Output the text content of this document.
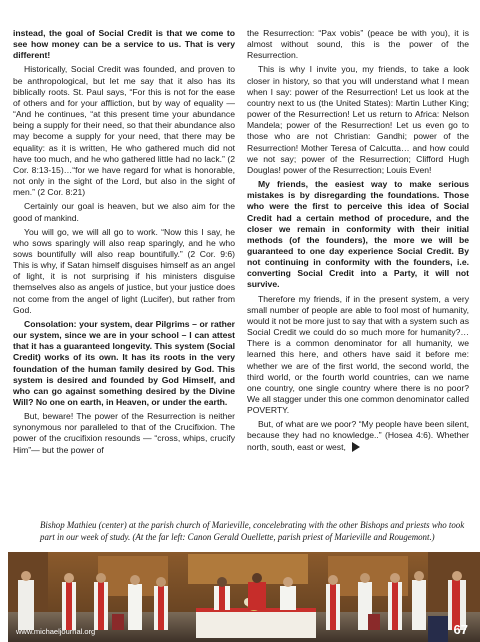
instead, the goal of Social Credit is that we come to see how money can be a service to us. That is very different!

Historically, Social Credit was founded, and proven to be anthropological, but let me say that it also has its biblically roots. St. Paul says, “For this is not for the ease of others and for your affliction, but by way of equality — “And he continues, “at this present time your abundance being a supply for their need, so that their abundance also may become a supply for your need, that there may be equality: as it is written, He who gathered much did not have too much, and he who gathered little had no lack.” (2 Cor. 8:13-15)…“for we have regard for what is honorable, not only in the sight of the Lord, but also in the sight of men.” (2 Cor. 8:21)

Certainly our goal is heaven, but we also aim for the good of mankind.

You will go, we will all go to work. “Now this I say, he who sows sparingly will also reap sparingly, and he who sows bountifully will also reap bountifully.” (2 Cor. 9:6) This is why, if Satan himself disguises himself as an angel of light, it is not surprising if his ministers disguise themselves also as angels of justice, but your justice does not come from the angel of light (Lucifer), but rather from God.

Consolation: your system, dear Pilgrims – or rather our system, since we are in your school – I can attest that it has a guaranteed longevity. This system (Social Credit) works of its own. It has its roots in the very foundation of the human family desired by God. This system is desired and founded by God Himself, and who can go against something desired by the Divine Will? No one on earth, in Heaven, or under the earth.

But, beware! The power of the Resurrection is neither synonymous nor paralleled to that of the Crucifixion. The power of the crucifixion resounds — “cross, whips, crucify Him”— but the power of

the Resurrection: “Pax vobis” (peace be with you), it is almost without sound, this is the power of the Resurrection.

This is why I invite you, my friends, to take a look closer in history, so that you will understand what I mean when I say: power of the Resurrection! Let us look at the country next to us (the United States): Martin Luther King; power of the Resurrection! Let us return to Africa: Nelson Mandela; power of the Resurrection! Let us even go to those who are not Christian: Gandhi; power of the Resurrection! Mother Teresa of Calcutta… and how could we not say; power of the Resurrection; Clifford Hugh Douglas! power of the Resurrection; Louis Even!

My friends, the easiest way to make serious mistakes is by disregarding the foundations. Those who were the first to perceive this idea of Social Credit had a certain method of procedure, and the closer we remain in conformity with their initial methods (of the founders), the more we will be guaranteed to one day experience Social Credit. By not continuing in conformity with the founders, i.e. converting Social Credit into a Party, it will not survive.

Therefore my friends, if in the present system, a very small number of people are able to fool most of humanity, would it not be more just to say that with a system such as Social Credit we could do so much more for humanity?… There is a common denominator for all humanity, we learned this here, and others have said it before me: whether we are of the first world, the second world, the third world, or the fourth world countries, can we name one country, one single country where there is no poor? We all stagger under this one common denominator called POVERTY.

But, of what are we poor? “My people have been silent, because they had no knowledge..” (Hosea 4:6). Whether north, south, east or west,

Bishop Mathieu (center) at the parish church of Marieville, concelebrating with the other Bishops and priests who took part in our week of study. (At the far left: Canon Gerald Ouellette, parish priest of Marieville and Rougemont.)
www.michaeljournal.org	67
